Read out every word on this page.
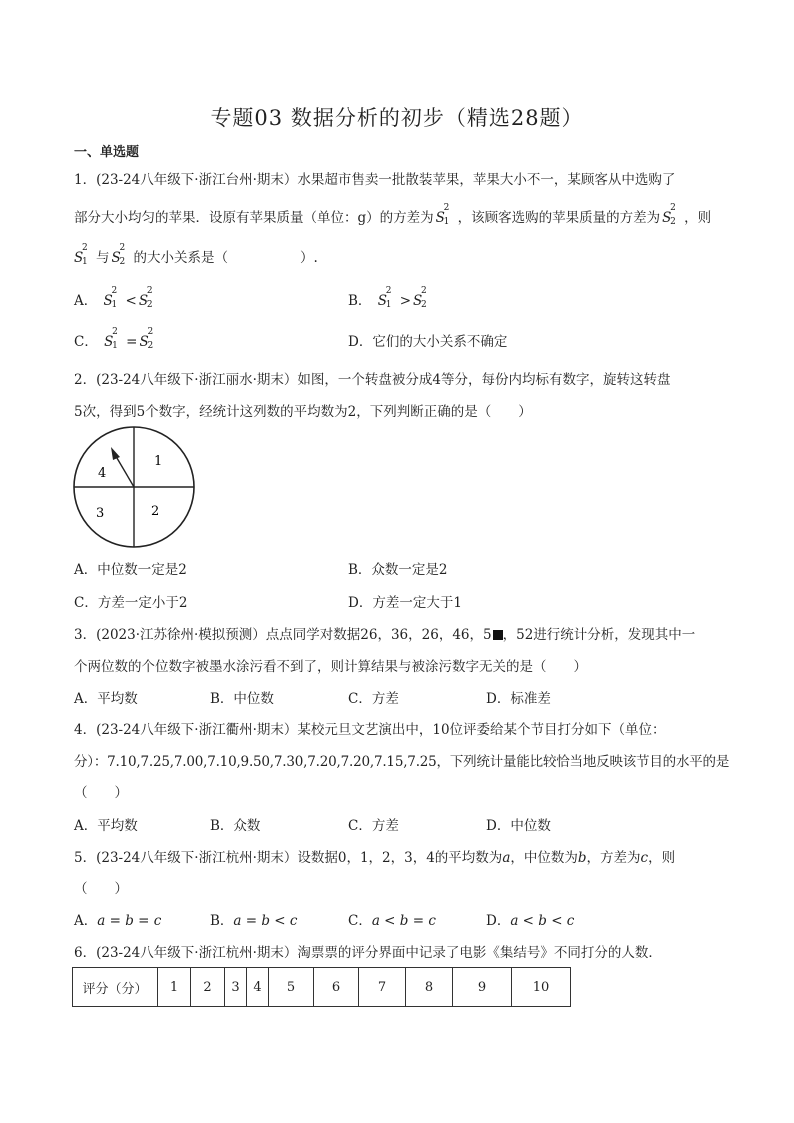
专题03 数据分析的初步（精选28题）
一、单选题
1．(23-24八年级下·浙江台州·期末）水果超市售卖一批散装苹果，苹果大小不一，某顾客从中选购了
部分大小均匀的苹果．设原有苹果质量（单位：g）的方差为 S
2
1 ，该顾客选购的苹果质量的方差为 S
2
2 ，则
S
2
1 与 S
2
2 的大小关系是（	）.
A． S
2
1 < S
2
2	B． S
2
1 > S
2
2
C． S
2
1 = S
2
2	D．它们的大小关系不确定
2．(23-24八年级下·浙江丽水·期末）如图，一个转盘被分成4等分，每份内均标有数字，旋转这转盘
5次，得到5个数字，经统计这列数的平均数为2，下列判断正确的是（　　）
1
2
3
4
A．中位数一定是2	B．众数一定是2
C．方差一定小于2	D．方差一定大于1
3．(2023·江苏徐州·模拟预测）点点同学对数据26，36，26，46，5 ，52进行统计分析，发现其中一
个两位数的个位数字被墨水涂污看不到了，则计算结果与被涂污数字无关的是（　　）
A．平均数	B．中位数	C．方差	D．标准差
4．(23-24八年级下·浙江衢州·期末）某校元旦文艺演出中，10位评委给某个节目打分如下（单位：
分）：7.10,7.25,7.00,7.10,9.50,7.30,7.20,7.20,7.15,7.25，下列统计量能比较恰当地反映该节目的水平的是
（　　）
A．平均数	B．众数	C．方差	D．中位数
5．(23-24八年级下·浙江杭州·期末）设数据0，1，2，3，4的平均数为a，中位数为b，方差为c，则
（　　）
A．a = b = c	B．a = b < c	C．a < b = c	D．a < b < c
6．(23-24八年级下·浙江杭州·期末）淘票票的评分界面中记录了电影《集结号》不同打分的人数．
评分（分）	1	2	3	4	5	6	7	8	9	10
